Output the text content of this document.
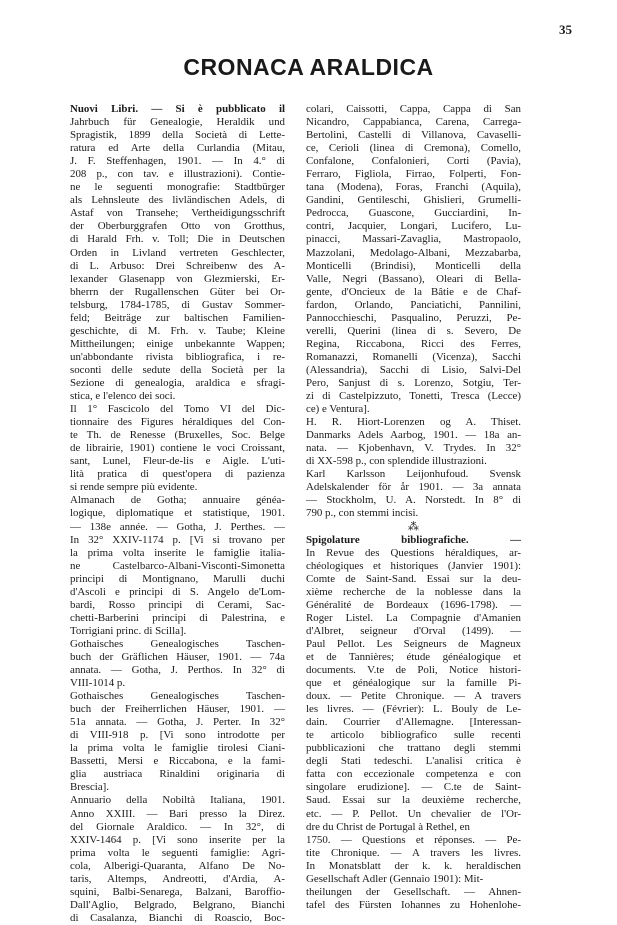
35
CRONACA ARALDICA
Nuovi Libri. — Si è pubblicato il
Jahrbuch für Genealogie, Heraldik und
Spragistik, 1899 della Società di Lette-
ratura ed Arte della Curlandia (Mitau,
J. F. Steffenhagen, 1901. — In 4.° di
208 p., con tav. e illustrazioni). Contie-
ne le seguenti monografie: Stadtbürger
als Lehnsleute des livländischen Adels, di
Astaf von Transehe; Vertheidigungsschrift
der Oberburggrafen Otto von Grotthus,
di Harald Frh. v. Toll; Die in Deutschen
Orden in Livland vertreten Geschlecter,
di L. Arbuso: Drei Schreibenw des A-
lexander Glasenapp von Glezmierski, Er-
bherrn der Rugallenschen Güter bei Or-
telsburg, 1784-1785, di Gustav Sommer-
feld; Beiträge zur baltischen Familien-
geschichte, di M. Frh. v. Taube; Kleine
Mittheilungen; einige unbekannte Wappen;
un'abbondante rivista bibliografica, i re-
soconti delle sedute della Società per la
Sezione di genealogia, araldica e sfragi-
stica, e l'elenco dei soci.
Il 1° Fascicolo del Tomo VI del Dic-
tionnaire des Figures héraldiques del Con-
te Th. de Renesse (Bruxelles, Soc. Belge
de librairie, 1901) contiene le voci Croissant,
sant, Lunel, Fleur-de-lis e Aigle. L'uti-
lità pratica di quest'opera di pazienza
si rende sempre più evidente.
Almanach de Gotha; annuaire généa-
logique, diplomatique et statistique, 1901.
— 138e année. — Gotha, J. Perthes. —
In 32° XXIV-1174 p. [Vi si trovano per
la prima volta inserite le famiglie italia-
ne Castelbarco-Albani-Visconti-Simonetta
principi di Montignano, Marulli duchi
d'Ascoli e principi di S. Angelo de'Lom-
bardi, Rosso principi di Cerami, Sac-
chetti-Barberini principi di Palestrina, e
Torrigiani princ. di Scilla].
Gothaisches Genealogisches Taschen-
buch der Gräflichen Häuser, 1901. — 74a
annata. — Gotha, J. Perthos. In 32° di
VIII-1014 p.
Gothaisches Genealogisches Taschen-
buch der Freiherrlichen Häuser, 1901. —
51a annata. — Gotha, J. Perter. In 32°
di VIII-918 p. [Vi sono introdotte per
la prima volta le famiglie tirolesi Ciani-
Bassetti, Mersi e Riccabona, e la fami-
glia austriaca Rinaldini originaria di
Brescia].
Annuario della Nobiltà Italiana, 1901.
Anno XXIII. — Bari presso la Direz.
del Giornale Araldico. — In 32°, di
XXIV-1464 p. [Vi sono inserite per la
prima volta le seguenti famiglie: Agri-
cola, Alberigi-Quaranta, Alfano De No-
taris, Altemps, Andreotti, d'Ardia, A-
squini, Balbi-Senarega, Balzani, Baroffio-
Dall'Aglio, Belgrado, Belgrano, Bianchi
di Casalanza, Bianchi di Roascio, Boc-
colari, Caissotti, Cappa, Cappa di San
Nicandro, Cappabianca, Carena, Carrega-
Bertolini, Castelli di Villanova, Cavaselli-
ce, Cerioli (linea di Cremona), Comello,
Confalone, Confalonieri, Corti (Pavia),
Ferraro, Figliola, Firrao, Folperti, Fon-
tana (Modena), Foras, Franchi (Aquila),
Gandini, Gentileschi, Ghislieri, Grumelli-
Pedrocca, Guascone, Gucciardini, In-
contri, Jacquier, Longari, Lucifero, Lu-
pinacci, Massari-Zavaglia, Mastropaolo,
Mazzolani, Medolago-Albani, Mezzabarba,
Monticelli (Brindisi), Monticelli della
Valle, Negri (Bassano), Oleari di Bella-
gente, d'Oncieux de la Bâtie e de Chaf-
fardon, Orlando, Panciatichi, Pannilini,
Pannocchieschi, Pasqualino, Peruzzi, Pe-
verelli, Querini (linea di s. Severo, De
Regina, Riccabona, Ricci des Ferres,
Romanazzi, Romanelli (Vicenza), Sacchi
(Alessandria), Sacchi di Lisio, Salvi-Del
Pero, Sanjust di s. Lorenzo, Sotgiu, Ter-
zi di Castelpizzuto, Tonetti, Tresca (Lecce)
ce) e Ventura].
H. R. Hiort-Lorenzen og A. Thiset.
Danmarks Adels Aarbog, 1901. — 18a an-
nata. — Kjobenhavn, V. Trydes. In 32°
di XX-598 p., con splendide illustrazioni.
Karl Karlsson Leijonhufoud. Svensk
Adelskalender för år 1901. — 3a annata
— Stockholm, U. A. Norstedt. In 8° di
790 p., con stemmi incisi.
⁂
Spigolature bibliografiche. —
In Revue des Questions héraldiques, ar-
chéologiques et historiques (Janvier 1901):
Comte de Saint-Sand. Essai sur la deu-
xième recherche de la noblesse dans la
Généralité de Bordeaux (1696-1798). —
Roger Listel. La Compagnie d'Amanien
d'Albret, seigneur d'Orval (1499). —
Paul Pellot. Les Seigneurs de Magneux
et de Tannières; étude généalogique et
documents. V.te de Poli, Notice histori-
que et généalogique sur la famille Pi-
doux. — Petite Chronique. — A travers
les livres. — (Février): L. Bouly de Le-
dain. Courrier d'Allemagne. [Interessan-
te articolo bibliografico sulle recenti
pubblicazioni che trattano degli stemmi
degli Stati tedeschi. L'analisi critica è
fatta con eccezionale competenza e con
singolare erudizione]. — C.te de Saint-
Saud. Essai sur la deuxième recherche,
etc. — P. Pellot. Un chevalier de l'Or-
dre du Christ de Portugal à Rethel, en
1750. — Questions et réponses. — Pe-
tite Chronique. — A travers les livres.
In Monatsblatt der k. k. heraldischen
Gesellschaft Adler (Gennaio 1901): Mit-
theilungen der Gesellschaft. — Ahnen-
tafel des Fürsten Iohannes zu Hohenlohe-
